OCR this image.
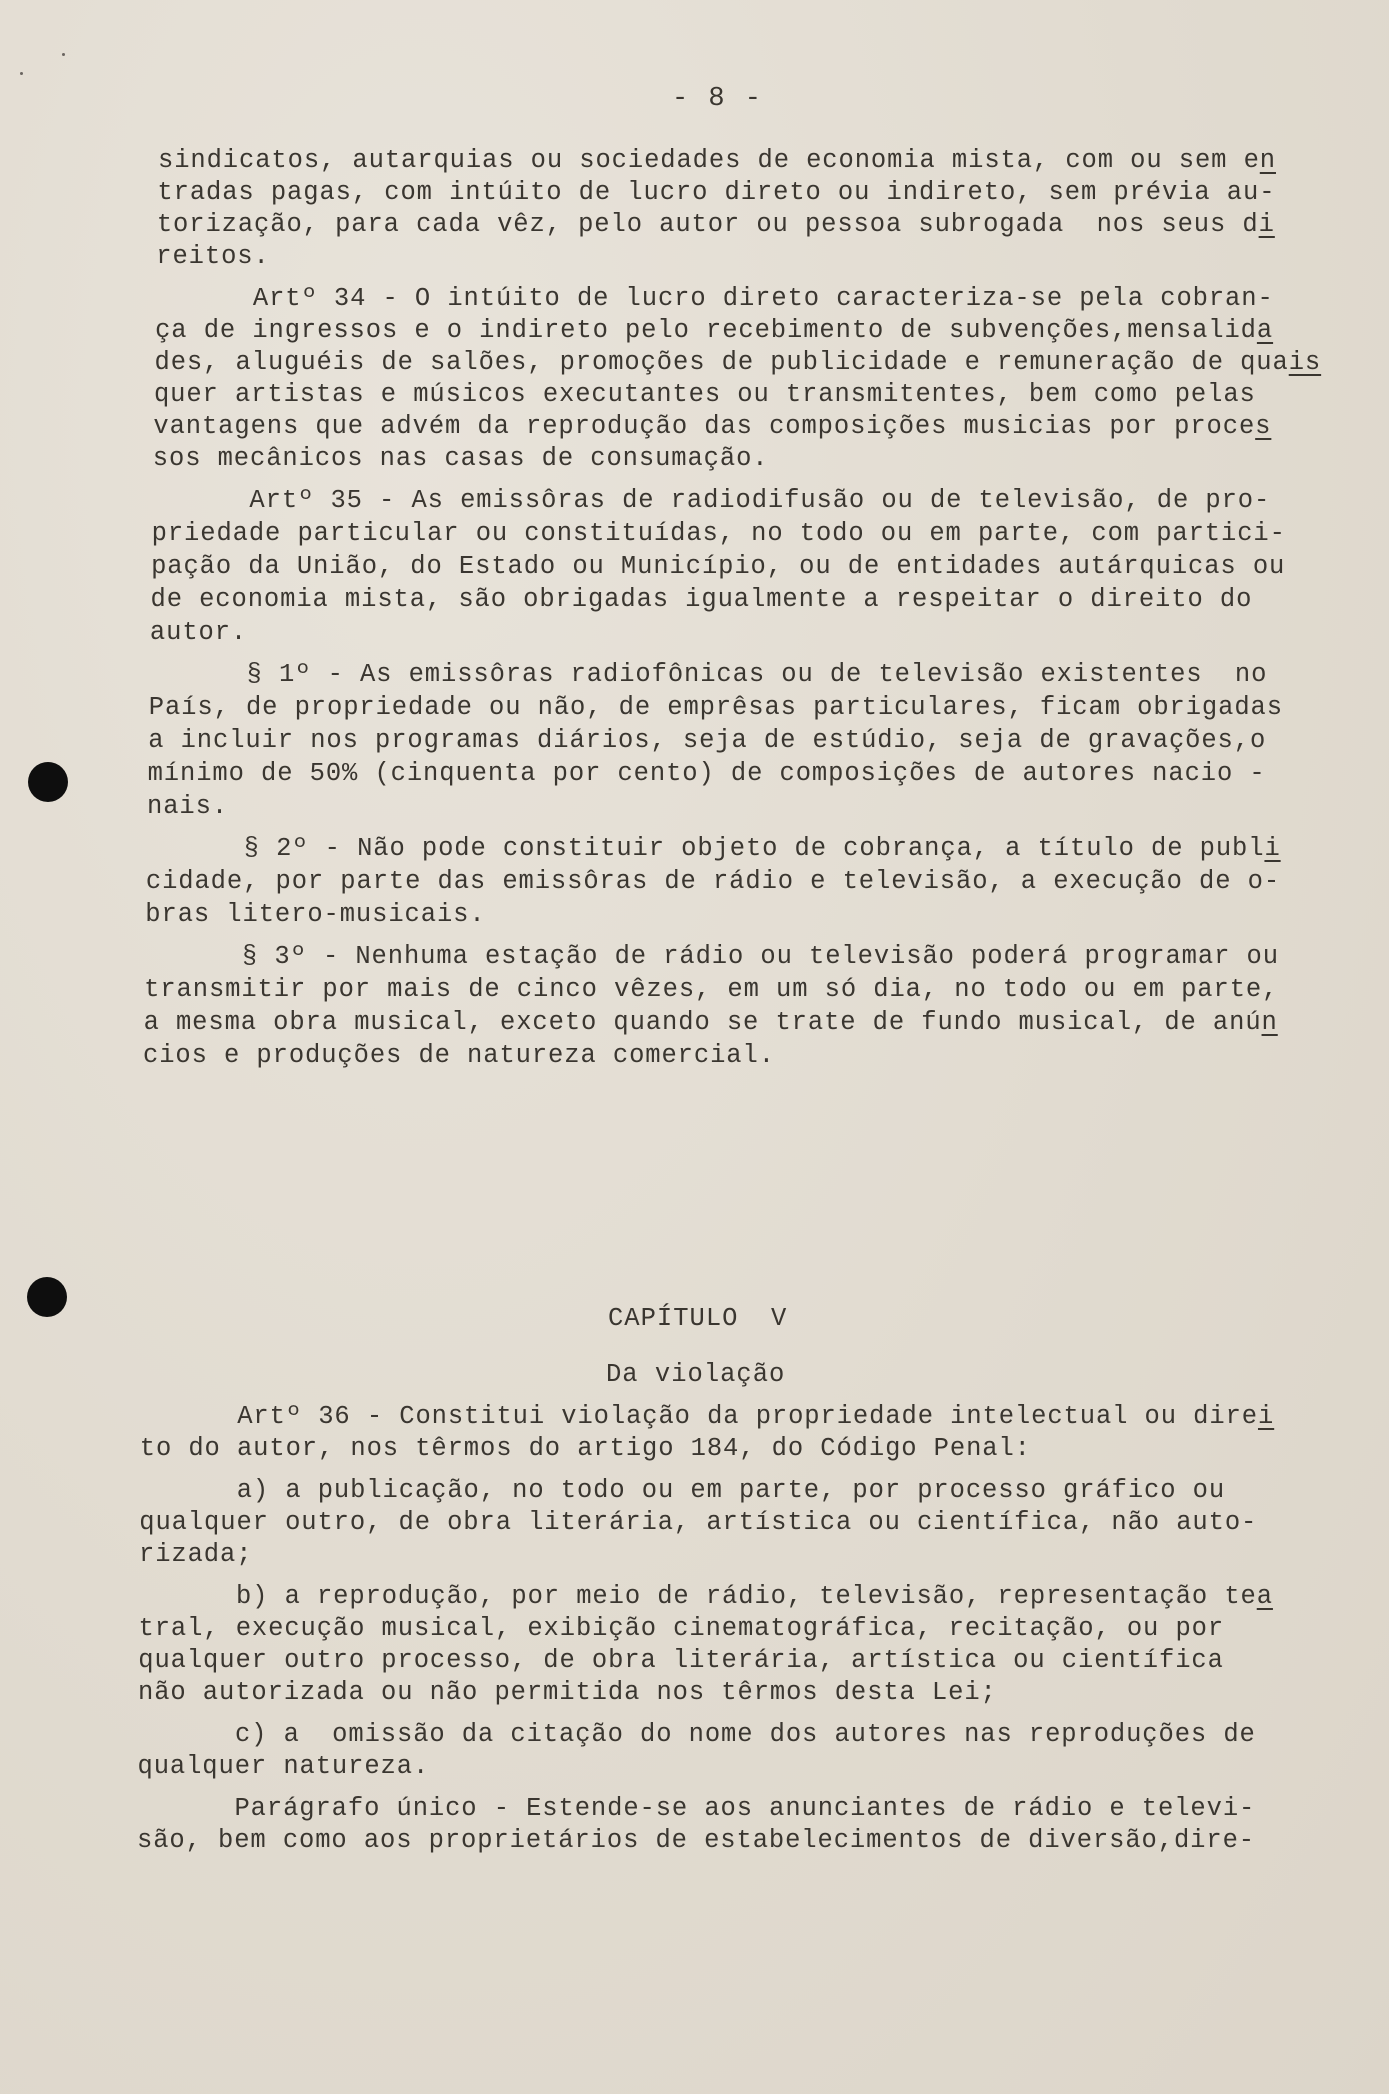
- 8 -
sindicatos, autarquias ou sociedades de economia mista, com ou sem en
tradas pagas, com intúito de lucro direto ou indireto, sem prévia au-
torização, para cada vêz, pelo autor ou pessoa subrogada  nos seus di
reitos.
Artº 34 - O intúito de lucro direto caracteriza-se pela cobran-
ça de ingressos e o indireto pelo recebimento de subvenções,mensalida
des, aluguéis de salões, promoções de publicidade e remuneração de quais
quer artistas e músicos executantes ou transmitentes, bem como pelas
vantagens que advém da reprodução das composições musicias por proces
sos mecânicos nas casas de consumação.
Artº 35 - As emissôras de radiodifusão ou de televisão, de pro-
priedade particular ou constituídas, no todo ou em parte, com partici-
pação da União, do Estado ou Município, ou de entidades autárquicas ou
de economia mista, são obrigadas igualmente a respeitar o direito do
autor.
§ 1º - As emissôras radiofônicas ou de televisão existentes  no
País, de propriedade ou não, de emprêsas particulares, ficam obrigadas
a incluir nos programas diários, seja de estúdio, seja de gravações,o
mínimo de 50% (cinquenta por cento) de composições de autores nacio -
nais.
§ 2º - Não pode constituir objeto de cobrança, a título de publi
cidade, por parte das emissôras de rádio e televisão, a execução de o-
bras litero-musicais.
§ 3º - Nenhuma estação de rádio ou televisão poderá programar ou
transmitir por mais de cinco vêzes, em um só dia, no todo ou em parte,
a mesma obra musical, exceto quando se trate de fundo musical, de anún
cios e produções de natureza comercial.
CAPÍTULO  V
Da violação
Artº 36 - Constitui violação da propriedade intelectual ou direi
to do autor, nos têrmos do artigo 184, do Código Penal:
a) a publicação, no todo ou em parte, por processo gráfico ou
qualquer outro, de obra literária, artística ou científica, não auto-
rizada;
b) a reprodução, por meio de rádio, televisão, representação tea
tral, execução musical, exibição cinematográfica, recitação, ou por
qualquer outro processo, de obra literária, artística ou científica
não autorizada ou não permitida nos têrmos desta Lei;
c) a  omissão da citação do nome dos autores nas reproduções de
qualquer natureza.
Parágrafo único - Estende-se aos anunciantes de rádio e televi-
são, bem como aos proprietários de estabelecimentos de diversão,dire-
